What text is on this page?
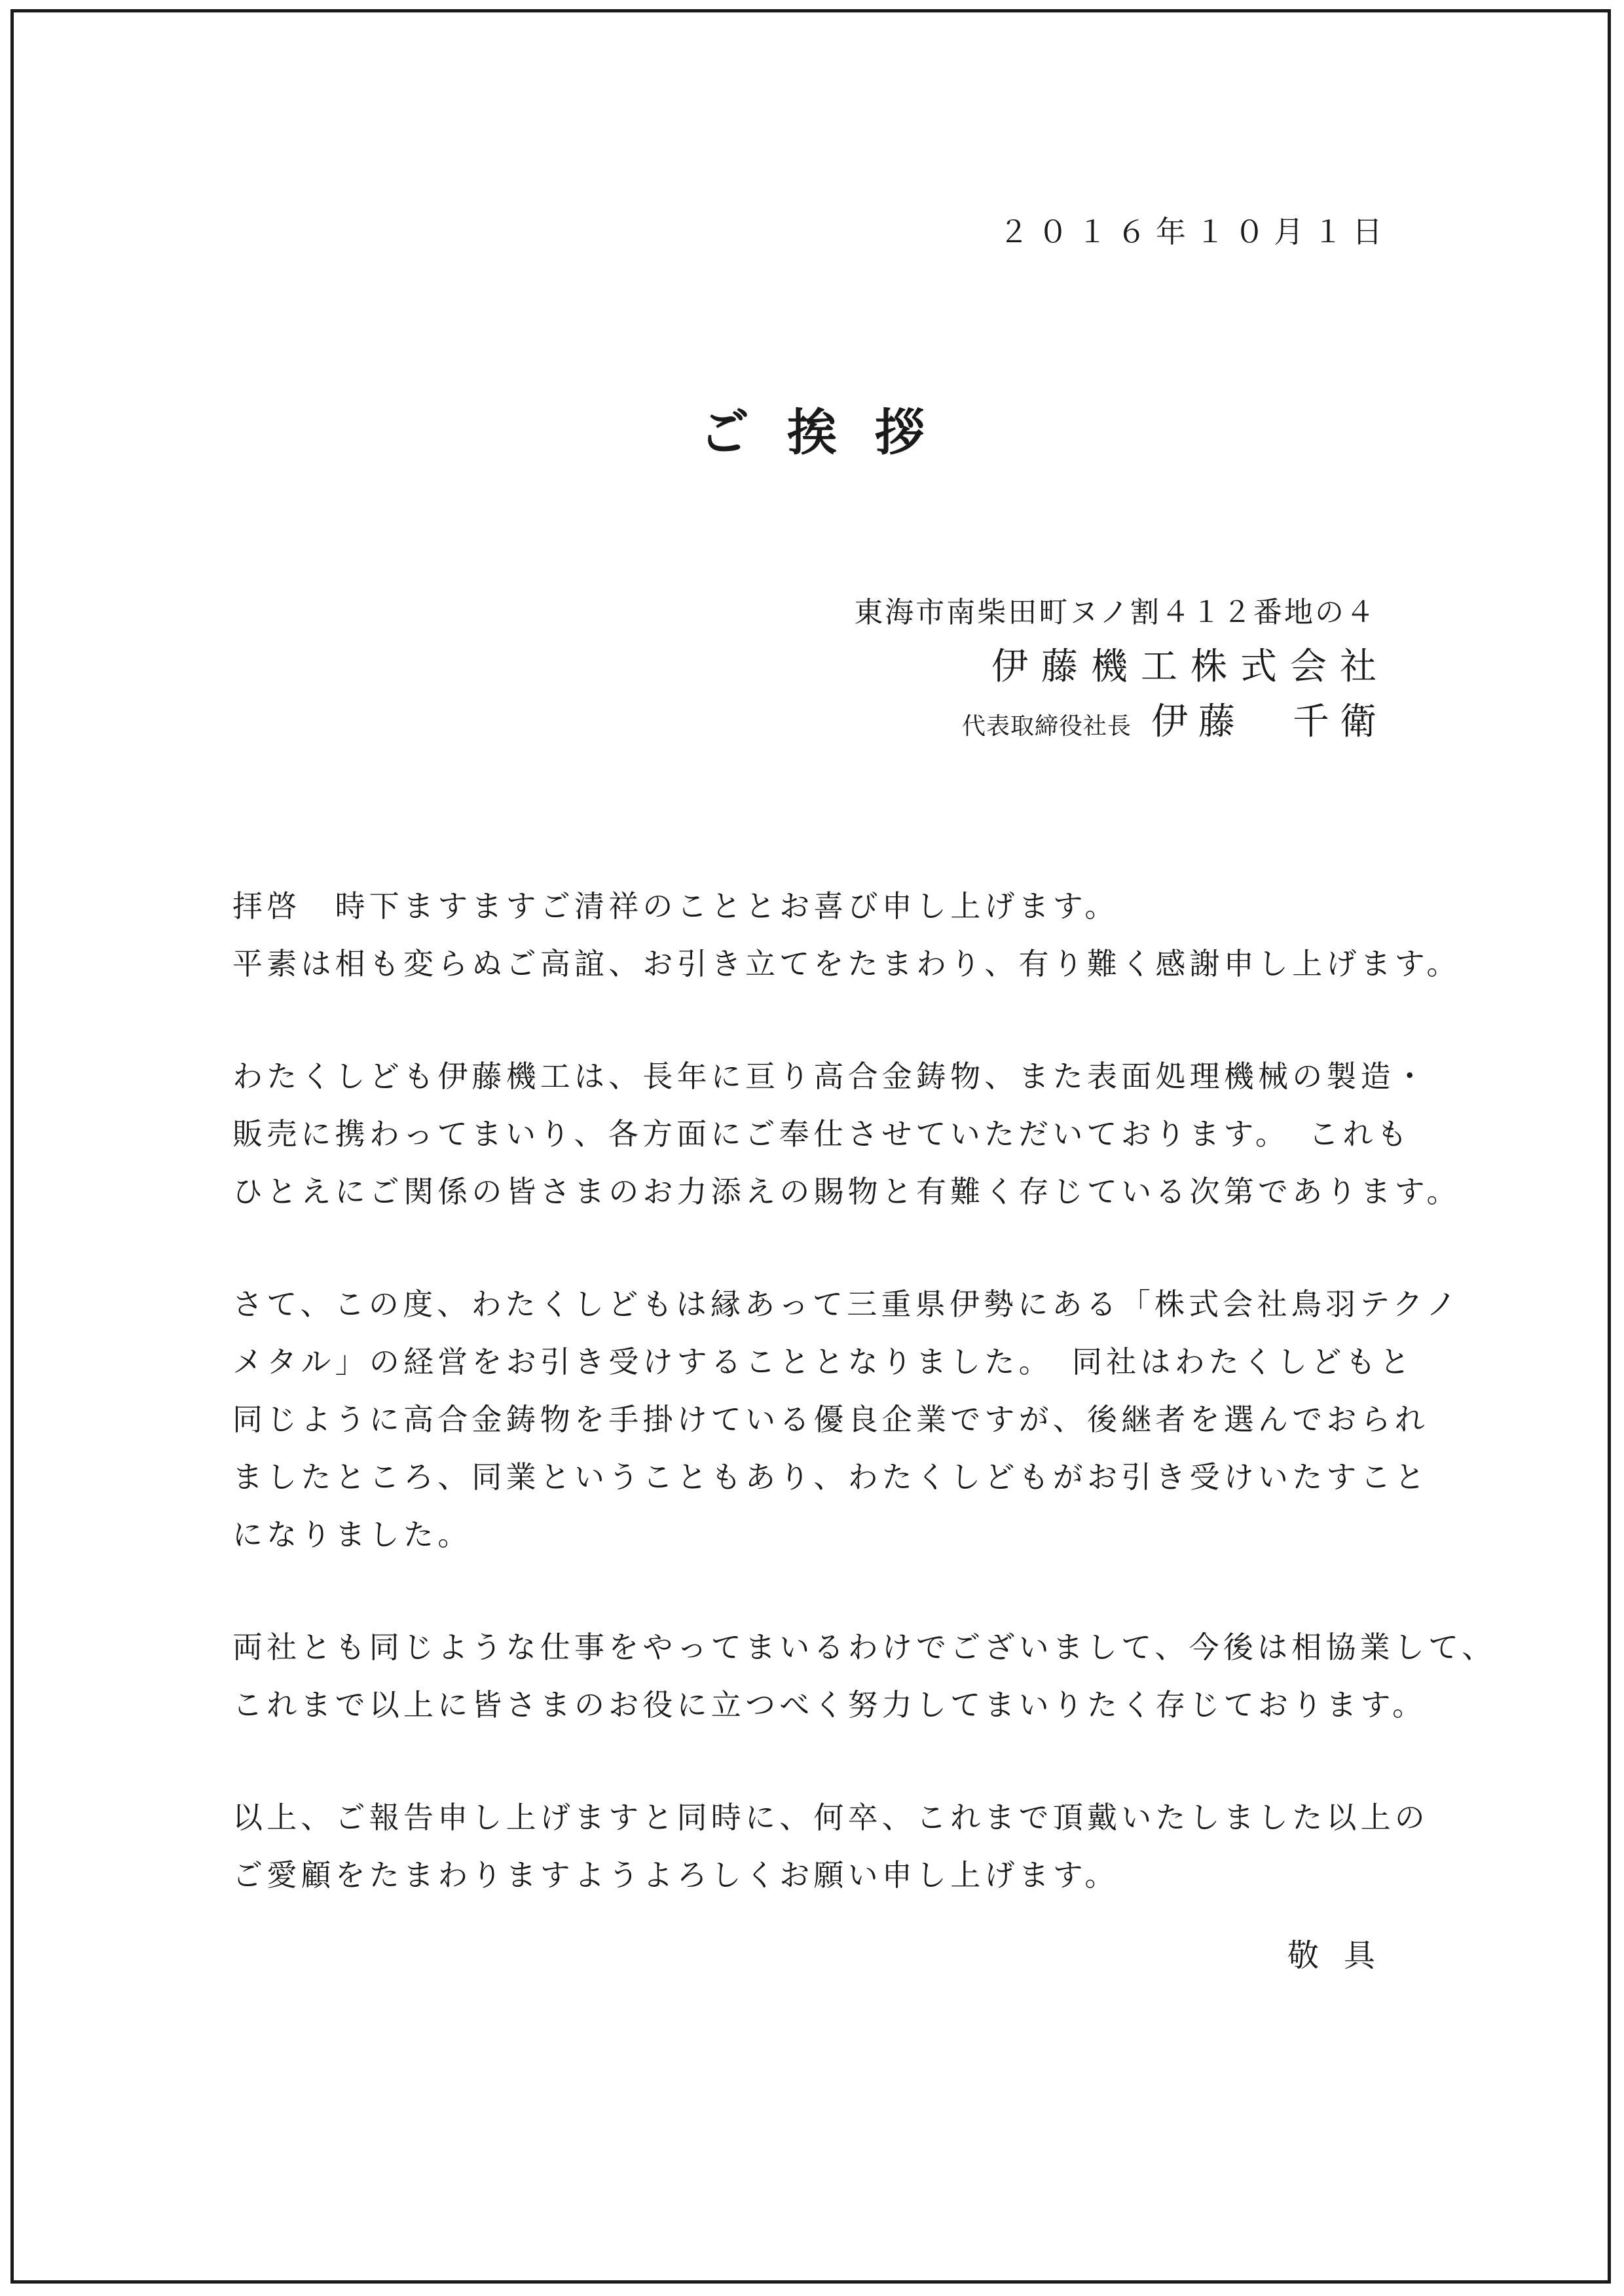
２０１６年１０月１日
ご挨拶
東海市南柴田町ヌノ割４１２番地の４
伊藤機工株式会社
代表取締役社長 伊藤　千衛
拝啓　時下ますますご清祥のこととお喜び申し上げます。
平素は相も変らぬご高誼、お引き立てをたまわり、有り難く感謝申し上げます。
わたくしども伊藤機工は、長年に亘り高合金鋳物、また表面処理機械の製造・
販売に携わってまいり、各方面にご奉仕させていただいております。　これも
ひとえにご関係の皆さまのお力添えの賜物と有難く存じている次第であります。
さて、この度、わたくしどもは縁あって三重県伊勢にある「株式会社鳥羽テクノ
メタル」の経営をお引き受けすることとなりました。　同社はわたくしどもと
同じように高合金鋳物を手掛けている優良企業ですが、後継者を選んでおられ
ましたところ、同業ということもあり、わたくしどもがお引き受けいたすこと
になりました。
両社とも同じような仕事をやってまいるわけでございまして、今後は相協業して、
これまで以上に皆さまのお役に立つべく努力してまいりたく存じております。
以上、ご報告申し上げますと同時に、何卒、これまで頂戴いたしました以上の
ご愛顧をたまわりますようよろしくお願い申し上げます。
敬具
